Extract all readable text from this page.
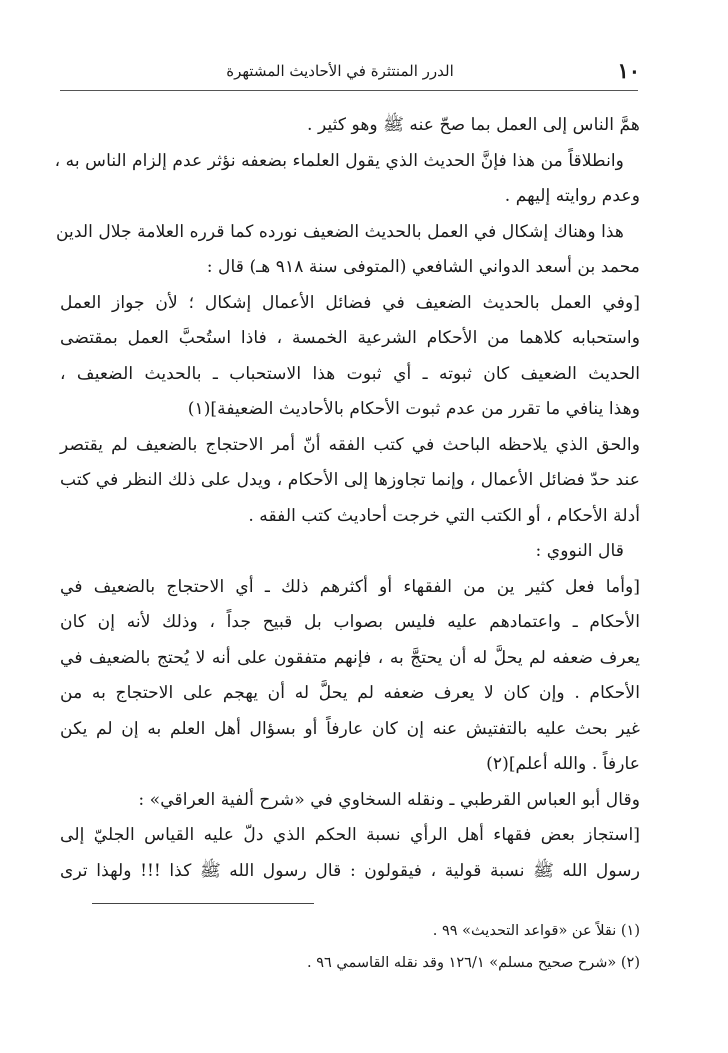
١٠
الدرر المنتثرة في الأحاديث المشتهرة
همَّ الناس إلى العمل بما صحّ عنه ﷺ وهو كثير .
وانطلاقاً من هذا فإنَّ الحديث الذي يقول العلماء بضعفه نؤثر عدم إلزام الناس به ،
وعدم روايته إليهم .
هذا وهناك إشكال في العمل بالحديث الضعيف نورده كما قرره العلامة جلال الدين
محمد بن أسعد الدواني الشافعي (المتوفى سنة ٩١٨ هـ) قال :
[وفي العمل بالحديث الضعيف في فضائل الأعمال إشكال ؛ لأن جواز العمل
واستحبابه كلاهما من الأحكام الشرعية الخمسة ، فاذا استُحبَّ العمل بمقتضى
الحديث الضعيف كان ثبوته ـ أي ثبوت هذا الاستحباب ـ بالحديث الضعيف ،
وهذا ينافي ما تقرر من عدم ثبوت الأحكام بالأحاديث الضعيفة](١)
والحق الذي يلاحظه الباحث في كتب الفقه أنّ أمر الاحتجاج بالضعيف لم يقتصر
عند حدّ فضائل الأعمال ، وإنما تجاوزها إلى الأحكام ، ويدل على ذلك النظر في كتب
أدلة الأحكام ، أو الكتب التي خرجت أحاديث كتب الفقه .
قال النووي :
[وأما فعل كثير ين من الفقهاء أو أكثرهم ذلك ـ أي الاحتجاج بالضعيف في
الأحكام ـ واعتمادهم عليه فليس بصواب بل قبيح جداً ، وذلك لأنه إن كان
يعرف ضعفه لم يحلَّ له أن يحتجَّ به ، فإنهم متفقون على أنه لا يُحتج بالضعيف في
الأحكام . وإن كان لا يعرف ضعفه لم يحلَّ له أن يهجم على الاحتجاج به من
غير بحث عليه بالتفتيش عنه إن كان عارفاً أو بسؤال أهل العلم به إن لم يكن
عارفاً . والله أعلم](٢)
وقال أبو العباس القرطبي ـ ونقله السخاوي في «شرح ألفية العراقي» :
[استجاز بعض فقهاء أهل الرأي نسبة الحكم الذي دلّ عليه القياس الجليّ إلى
رسول الله ﷺ نسبة قولية ، فيقولون : قال رسول الله ﷺ كذا !!! ولهذا ترى
(١) نقلاً عن «قواعد التحديث» ٩٩ .
(٢) «شرح صحيح مسلم» ١٢٦/١ وقد نقله القاسمي ٩٦ .
